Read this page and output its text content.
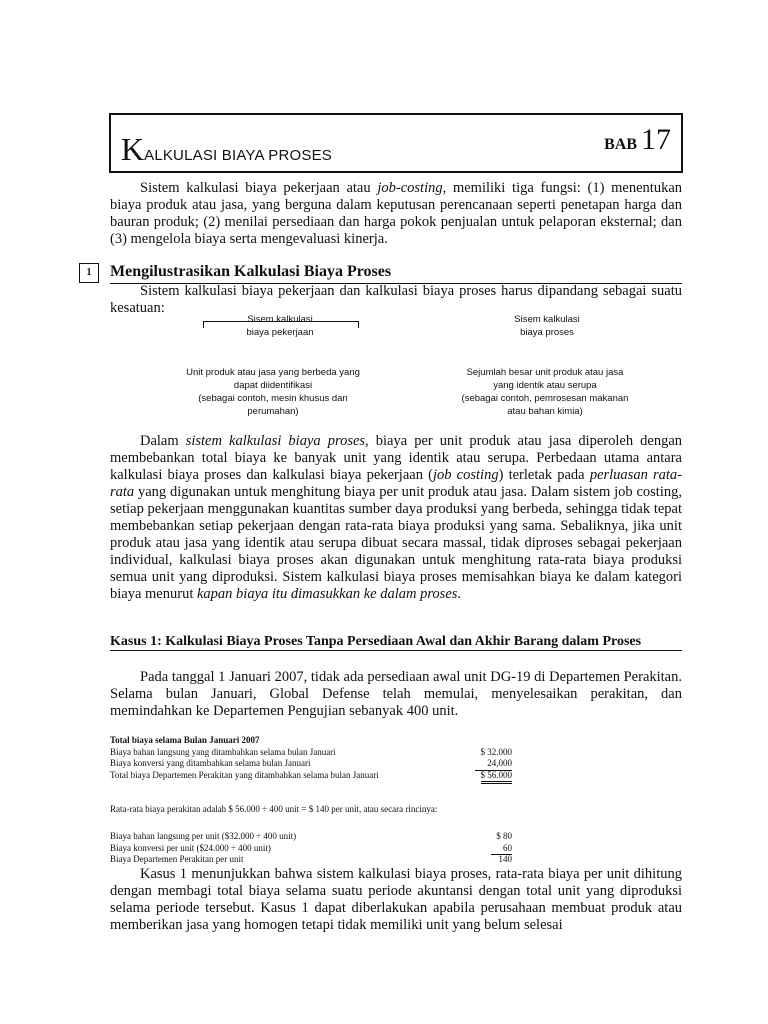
KALKULASI BIAYA PROSES
BAB 17
Sistem kalkulasi biaya pekerjaan atau job-costing, memiliki tiga fungsi: (1) menentukan biaya produk atau jasa, yang berguna dalam keputusan perencanaan seperti penetapan harga dan bauran produk; (2) menilai persediaan dan harga pokok penjualan untuk pelaporan eksternal; dan (3) mengelola biaya serta mengevaluasi kinerja.
1	Mengilustrasikan Kalkulasi Biaya Proses
Sistem kalkulasi biaya pekerjaan dan kalkulasi biaya proses harus dipandang sebagai suatu kesatuan:
Sisem kalkulasi
biaya pekerjaan
Sisem kalkulasi
biaya proses
Unit produk atau jasa yang berbeda yang
dapat diidentifikasi
(sebagai contoh, mesin khusus dan
perumahan)
Sejumlah besar unit produk atau jasa
yang identik atau serupa
(sebagai contoh, pemrosesan makanan
atau bahan kimia)
Dalam sistem kalkulasi biaya proses, biaya per unit produk atau jasa diperoleh dengan membebankan total biaya ke banyak unit yang identik atau serupa. Perbedaan utama antara kalkulasi biaya proses dan kalkulasi biaya pekerjaan (job costing) terletak pada perluasan rata-rata yang digunakan untuk menghitung biaya per unit produk atau jasa. Dalam sistem job costing, setiap pekerjaan menggunakan kuantitas sumber daya produksi yang berbeda, sehingga tidak tepat membebankan setiap pekerjaan dengan rata-rata biaya produksi yang sama. Sebaliknya, jika unit produk atau jasa yang identik atau serupa dibuat secara massal, tidak diproses sebagai pekerjaan individual, kalkulasi biaya proses akan digunakan untuk menghitung rata-rata biaya produksi semua unit yang diproduksi. Sistem kalkulasi biaya proses memisahkan biaya ke dalam kategori biaya menurut kapan biaya itu dimasukkan ke dalam proses.
Kasus 1: Kalkulasi Biaya Proses Tanpa Persediaan Awal dan Akhir Barang dalam Proses
Pada tanggal 1 Januari 2007, tidak ada persediaan awal unit DG-19 di Departemen Perakitan. Selama bulan Januari, Global Defense telah memulai, menyelesaikan perakitan, dan memindahkan ke Departemen Pengujian sebanyak 400 unit.
Total biaya selama Bulan Januari 2007
Biaya bahan langsung yang ditambahkan selama bulan Januari	$ 32.000
Biaya konversi yang ditambahkan selama bulan Januari	24,000
Total biaya Departemen Perakitan yang ditambahkan selama bulan Januari	$ 56.000
Rata-rata biaya perakitan adalah $ 56.000 ÷ 400 unit = $ 140 per unit, atau secara rincinya:
Biaya bahan langsung per unit ($32.000 ÷ 400 unit)	$ 80
Biaya konversi per unit ($24.000 ÷ 400 unit)	60
Biaya Departemen Perakitan per unit	140
Kasus 1 menunjukkan bahwa sistem kalkulasi biaya proses, rata-rata biaya per unit dihitung dengan membagi total biaya selama suatu periode akuntansi dengan total unit yang diproduksi selama periode tersebut. Kasus 1 dapat diberlakukan apabila perusahaan membuat produk atau memberikan jasa yang homogen tetapi tidak memiliki unit yang belum selesai
